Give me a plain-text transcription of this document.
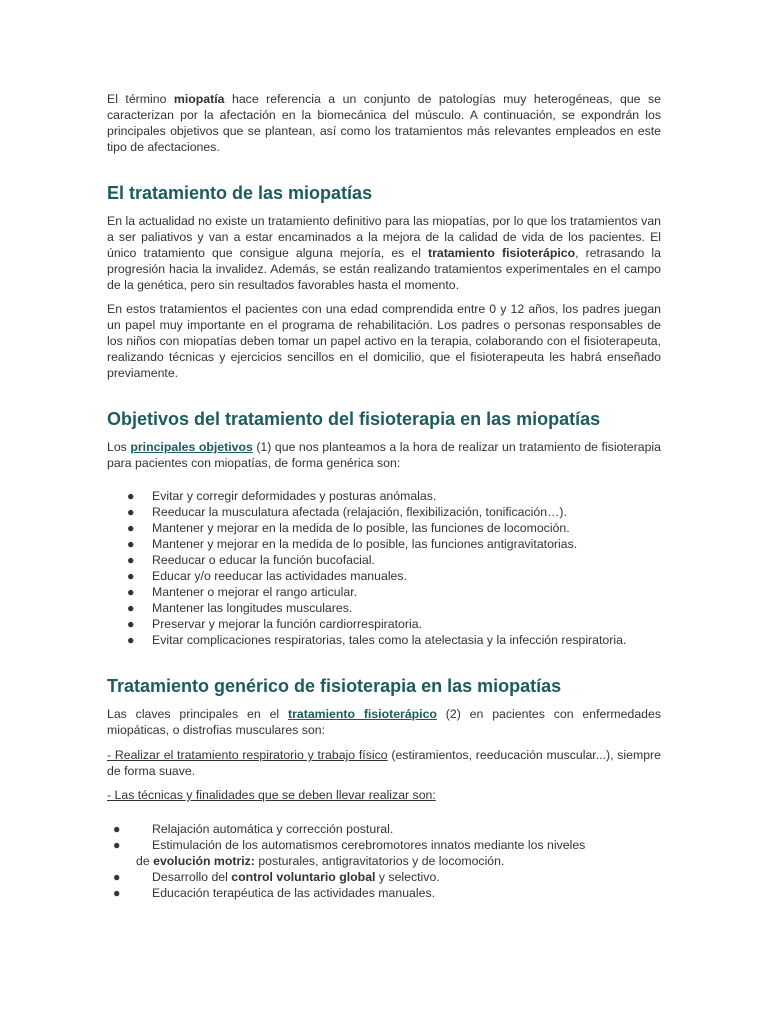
El término miopatía hace referencia a un conjunto de patologías muy heterogéneas, que se caracterizan por la afectación en la biomecánica del músculo. A continuación, se expondrán los principales objetivos que se plantean, así como los tratamientos más relevantes empleados en este tipo de afectaciones.

El tratamiento de las miopatías

En la actualidad no existe un tratamiento definitivo para las miopatías, por lo que los tratamientos van a ser paliativos y van a estar encaminados a la mejora de la calidad de vida de los pacientes. El único tratamiento que consigue alguna mejoría, es el tratamiento fisioterápico, retrasando la progresión hacia la invalidez. Además, se están realizando tratamientos experimentales en el campo de la genética, pero sin resultados favorables hasta el momento.

En estos tratamientos el pacientes con una edad comprendida entre 0 y 12 años, los padres juegan un papel muy importante en el programa de rehabilitación. Los padres o personas responsables de los niños con miopatías deben tomar un papel activo en la terapia, colaborando con el fisioterapeuta, realizando técnicas y ejercicios sencillos en el domicilio, que el fisioterapeuta les habrá enseñado previamente.

Objetivos del tratamiento del fisioterapia en las miopatías

Los principales objetivos (1) que nos planteamos a la hora de realizar un tratamiento de fisioterapia para pacientes con miopatías, de forma genérica son:

● Evitar y corregir deformidades y posturas anómalas.
● Reeducar la musculatura afectada (relajación, flexibilización, tonificación…).
● Mantener y mejorar en la medida de lo posible, las funciones de locomoción.
● Mantener y mejorar en la medida de lo posible, las funciones antigravitatorias.
● Reeducar o educar la función bucofacial.
● Educar y/o reeducar las actividades manuales.
● Mantener o mejorar el rango articular.
● Mantener las longitudes musculares.
● Preservar y mejorar la función cardiorrespiratoria.
● Evitar complicaciones respiratorias, tales como la atelectasia y la infección respiratoria.
Tratamiento genérico de fisioterapia en las miopatías

Las claves principales en el tratamiento fisioterápico (2) en pacientes con enfermedades miopáticas, o distrofias musculares son:

- Realizar el tratamiento respiratorio y trabajo físico (estiramientos, reeducación muscular...), siempre de forma suave.

- Las técnicas y finalidades que se deben llevar realizar son:

●	Relajación automática y corrección postural.
●	Estimulación de los automatismos cerebromotores innatos mediante los niveles
de evolución motriz: posturales, antigravitatorios y de locomoción.
●	Desarrollo del control voluntario global y selectivo.
●	Educación terapéutica de las actividades manuales.
